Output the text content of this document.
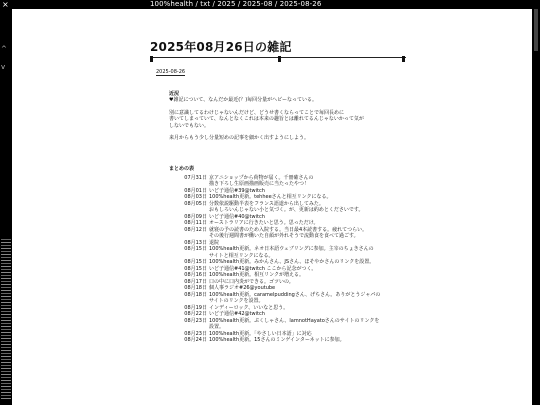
×	100%health / txt / 2025 / 2025-08 / 2025-08-26
^
v
2025年08月26日の雑記
2025-08-26
近況

♥雑記について、なんだか最近(？)毎回分量がへビーなっている。

別に意識してるわけじゃないんだけど、どうせ書くならってことで毎回長めに

書いてしまっていて、なんとなくこれは本来の趣旨とは離れてるんじゃないかって気が

しないでもない。

来月からもう少し分量短めの記事を細かく出すようにしよう。

まとめの表
07月31日 京アニショップから荷物が届く。千冊確さんの
描き下ろし生原画描画販売に当たったやつ！
08月01日 いど子通信#39@twitch
08月03日 100%health更新。tehheeさんと相互リンクになる。
08月05日 分数依説駆動半表をフランス語道から出してみた。
おもしろいんじゃない小と気づく。が、更新は約めとくださいです。
08月09日 いど子通信#40@twitch
08月11日 オーストラリアに行きたいと思う。思っただけ。
08月12日 就寝の予の読書のため入院する。当日最4本読書する。疲れてつらい。
その後行週間書が働いた自顔が外れそうで流動食を食べて過ごす。
08月13日 退院
08月15日 100%health更新。ネオ日本語ウェブリングに参加。主宰のちょきさんの
サイトと相互リンクになる。
08月15日 100%health更新。みかんさん、JSさん、ほそやかさんのリンクを設置。
08月15日 いど子通信#41@twitch ここから記念がつく。
08月16日 100%health更新。相互リンクが増える。
08月17日 口の中に口内炎ができる。ゴツいの。
08月18日 個人事ラジオ#26@youtube
08月18日 100%health更新。caramelpuddingさん、げちさん。ありがとうジャパの
サイトのリンクを設置。
08月19日 インディーロック、いいなと思う。
08月22日 いど子通信#42@twitch
08月23日 100%health更新。ぷくしゃさん、lamnotHayatoさんのサイトのリンクを
設置。
08月23日 100%health更新。「やさしい日本語」に対応
08月24日 100%health更新。15さんのミンゲインターネットに参加。
